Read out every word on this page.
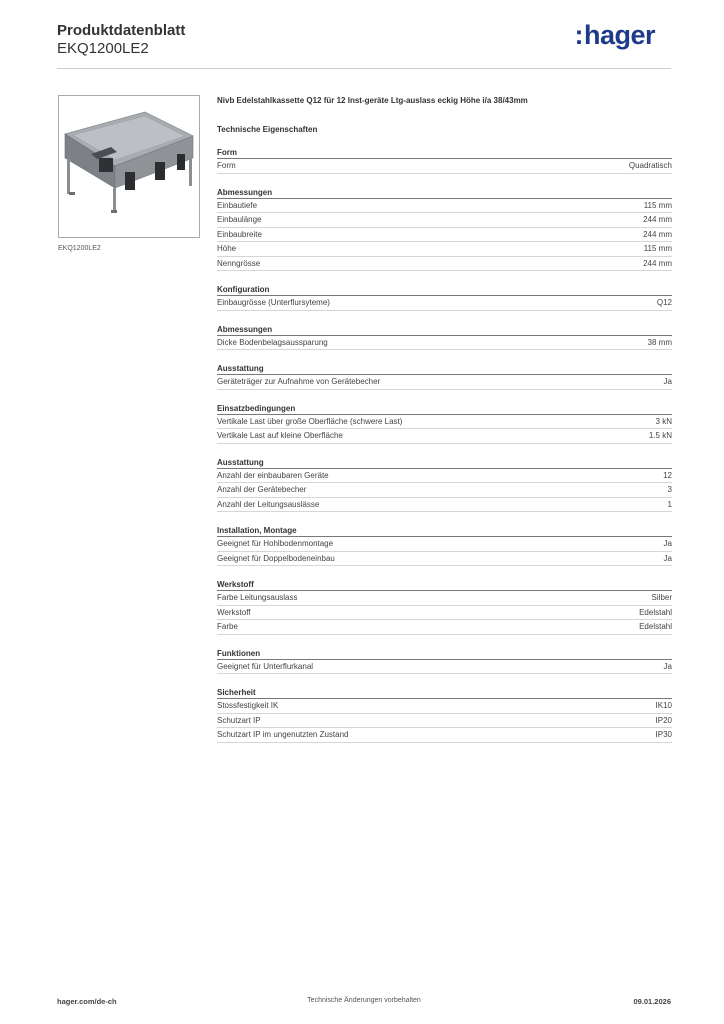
Produktdatenblatt
EKQ1200LE2	:hager
EKQ1200LE2
Nivb Edelstahlkassette Q12 für 12 Inst-geräte Ltg-auslass eckig Höhe i/a 38/43mm
Technische Eigenschaften
Form
Form	Quadratisch
Abmessungen
Einbautiefe	115 mm
Einbaulänge	244 mm
Einbaubreite	244 mm
Höhe	115 mm
Nenngrösse	244 mm
Konfiguration
Einbaugrösse (Unterflursyteme)	Q12
Abmessungen
Dicke Bodenbelagsaussparung	38 mm
Ausstattung
Geräteträger zur Aufnahme von Gerätebecher	Ja
Einsatzbedingungen
Vertikale Last über große Oberfläche (schwere Last)	3 kN
Vertikale Last auf kleine Oberfläche	1.5 kN
Ausstattung
Anzahl der einbaubaren Geräte	12
Anzahl der Gerätebecher	3
Anzahl der Leitungsauslässe	1
Installation, Montage
Geeignet für Hohlbodenmontage	Ja
Geeignet für Doppelbodeneinbau	Ja
Werkstoff
Farbe Leitungsauslass	Silber
Werkstoff	Edelstahl
Farbe	Edelstahl
Funktionen
Geeignet für Unterflurkanal	Ja
Sicherheit
Stossfestigkeit IK	IK10
Schutzart IP	IP20
Schutzart IP im ungenutzten Zustand	IP30
hager.com/de-ch	Technische Änderungen vorbehalten	09.01.2026
